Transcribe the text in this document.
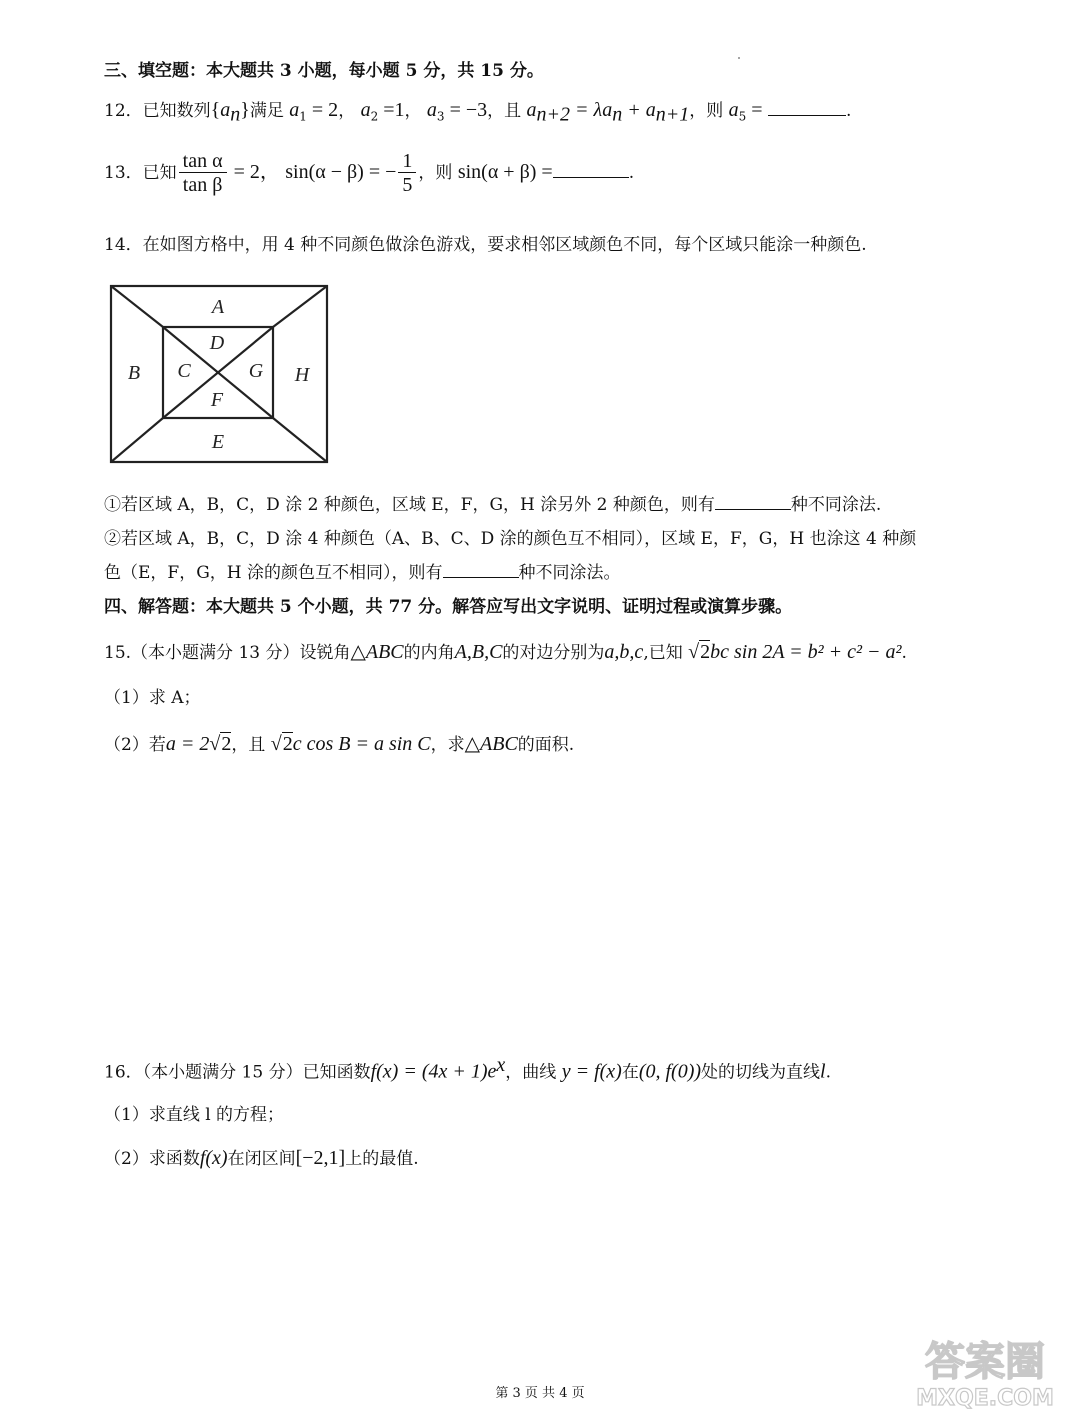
三、填空题：本大题共 3 小题，每小题 5 分，共 15 分。
12．已知数列$\{a_n\}$满足 $a_1 = 2$， $a_2 =1$， $a_3 = -3$，且 $a_{n+2} = \lambda a_n + a_{n+1}$，则 $a_5$ =	.
13．已知 $\frac{\text{tan α}}{\text{tan β}} = 2$， sin(α − β) = − $\frac{1}{5}$ ，则 sin(α + β) =	.
14．在如图方格中，用 4 种不同颜色做涂色游戏，要求相邻区域颜色不同，每个区域只能涂一种颜色.
A
B C
D
E
F
G H
①若区域 A，B，C，D 涂 2 种颜色，区域 E，F，G，H 涂另外 2 种颜色，则有	种不同涂法.
②若区域 A，B，C，D 涂 4 种颜色（A、B、C、D 涂的颜色互不相同），区域 E，F，G，H 也涂这 4 种颜
色（E，F，G，H 涂的颜色互不相同），则有	种不同涂法。
四、解答题：本大题共 5 个小题，共 77 分。解答应写出文字说明、证明过程或演算步骤。
15.（本小题满分 13 分）设锐角△ABC的内角A,B,C的对边分别为a,b,c,已知 √2bc sin 2A = b² + c² − a².
（1）求 A；
（2）若a = 2√2，且 √2c cos B = a sin C，求△ABC的面积.
16．（本小题满分 15 分）已知函数$f(x) = (4x + 1)e^x$，曲线 y = f(x)在(0, f(0))处的切线为直线l.
（1）求直线 l 的方程；
（2）求函数f(x)在闭区间[−2,1]上的最值.
答案圈
MXQE.COM
第 3 页 共 4 页
